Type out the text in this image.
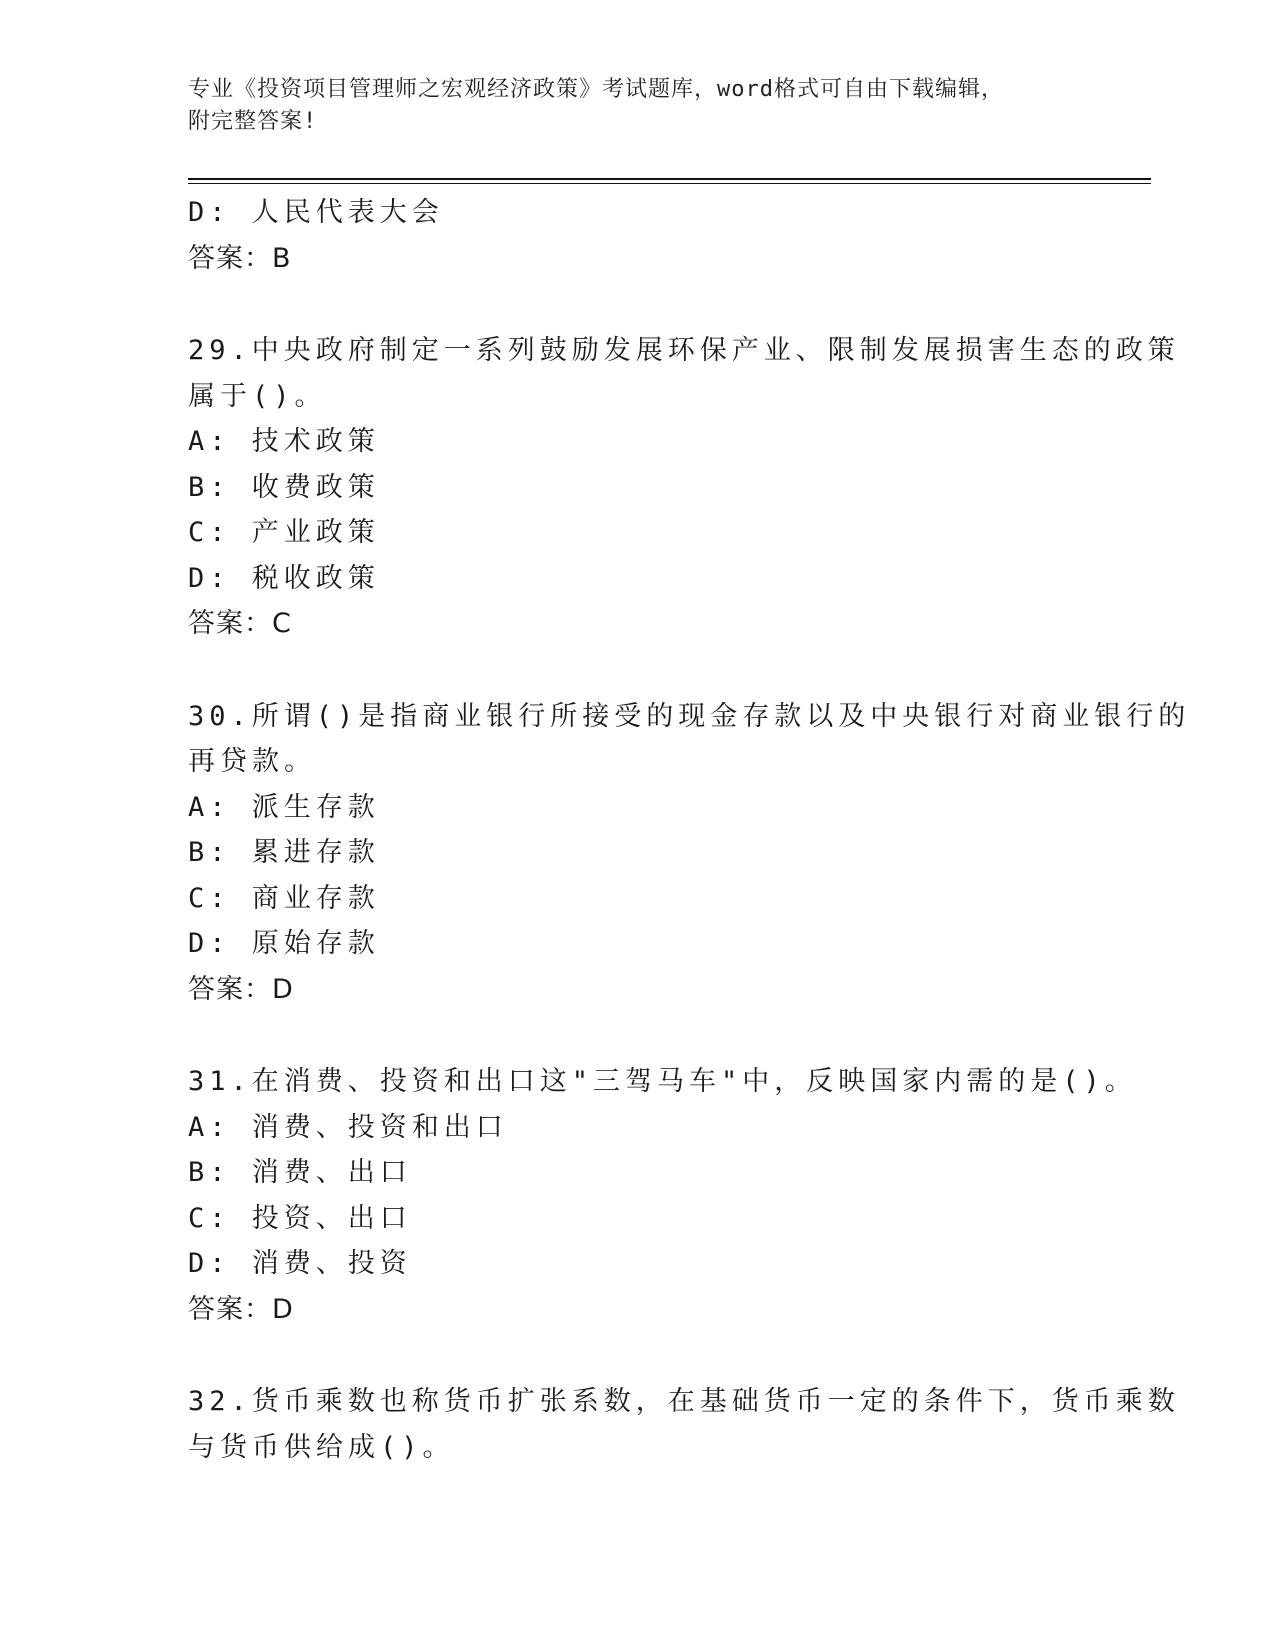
专业《投资项目管理师之宏观经济政策》考试题库，word格式可自由下载编辑，
附完整答案!
D: 人民代表大会
答案：B
29.中央政府制定一系列鼓励发展环保产业、限制发展损害生态的政策
属于()。
A: 技术政策
B: 收费政策
C: 产业政策
D: 税收政策
答案：C
30.所谓()是指商业银行所接受的现金存款以及中央银行对商业银行的
再贷款。
A: 派生存款
B: 累进存款
C: 商业存款
D: 原始存款
答案：D
31.在消费、投资和出口这"三驾马车"中，反映国家内需的是()。
A: 消费、投资和出口
B: 消费、出口
C: 投资、出口
D: 消费、投资
答案：D
32.货币乘数也称货币扩张系数，在基础货币一定的条件下，货币乘数
与货币供给成()。
